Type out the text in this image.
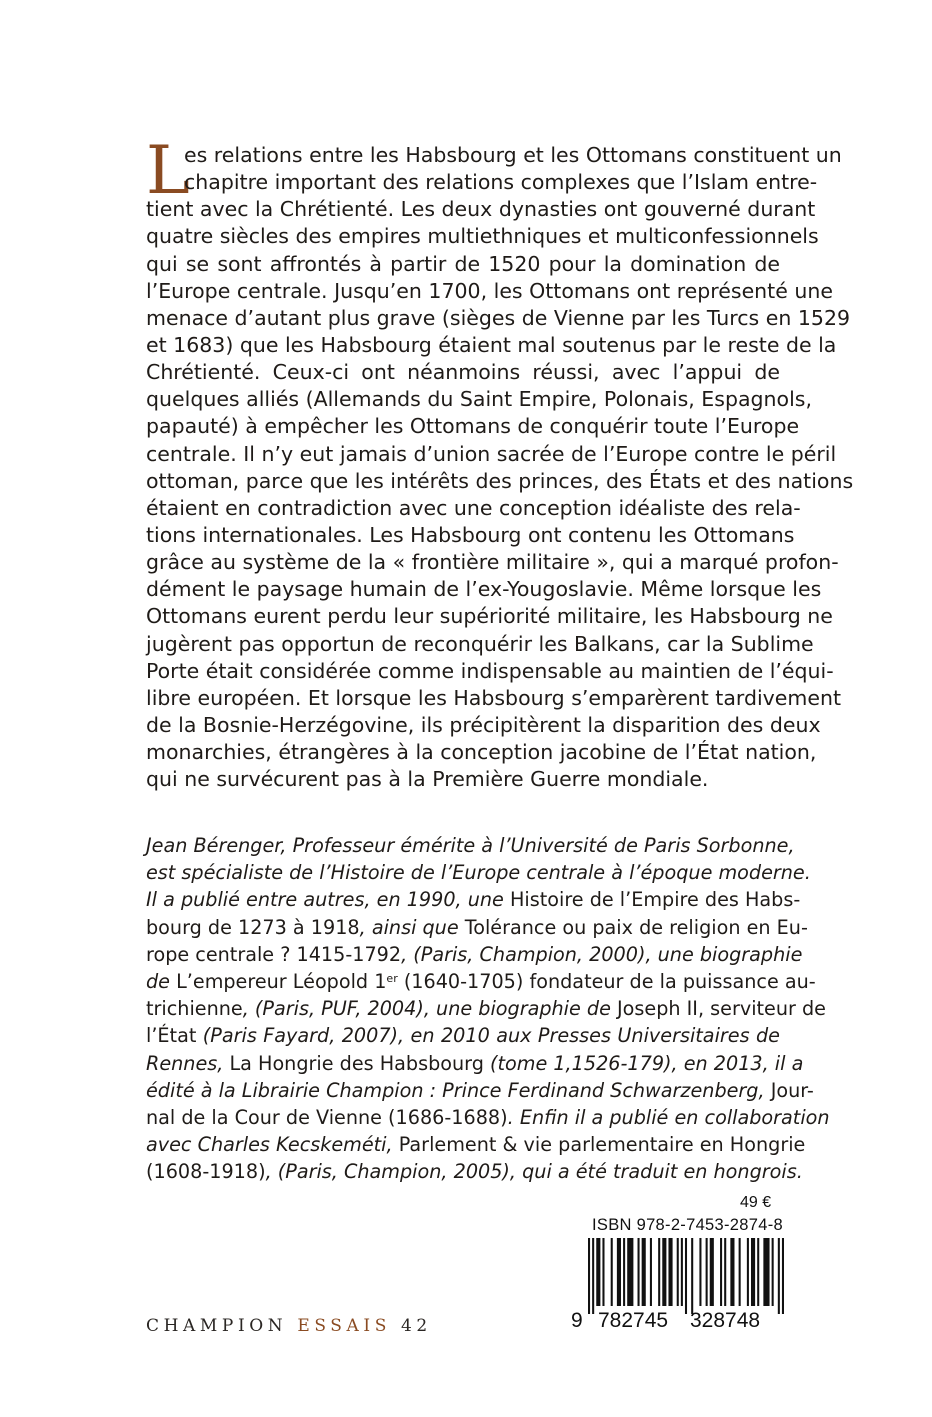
L
es relations entre les Habsbourg et les Ottomans constituent un
chapitre important des relations complexes que l’Islam entre-
tient avec la Chrétienté. Les deux dynasties ont gouverné durant
quatre siècles des empires multiethniques et multiconfessionnels
qui se sont affrontés à partir de 1520 pour la domination de
l’Europe centrale. Jusqu’en 1700, les Ottomans ont représenté une
menace d’autant plus grave (sièges de Vienne par les Turcs en 1529
et 1683) que les Habsbourg étaient mal soutenus par le reste de la
Chrétienté. Ceux-ci ont néanmoins réussi, avec l’appui de
quelques alliés (Allemands du Saint Empire, Polonais, Espagnols,
papauté) à empêcher les Ottomans de conquérir toute l’Europe
centrale. Il n’y eut jamais d’union sacrée de l’Europe contre le péril
ottoman, parce que les intérêts des princes, des États et des nations
étaient en contradiction avec une conception idéaliste des rela-
tions internationales. Les Habsbourg ont contenu les Ottomans
grâce au système de la « frontière militaire », qui a marqué profon-
dément le paysage humain de l’ex-Yougoslavie. Même lorsque les
Ottomans eurent perdu leur supériorité militaire, les Habsbourg ne
jugèrent pas opportun de reconquérir les Balkans, car la Sublime
Porte était considérée comme indispensable au maintien de l’équi-
libre européen. Et lorsque les Habsbourg s’emparèrent tardivement
de la Bosnie-Herzégovine, ils précipitèrent la disparition des deux
monarchies, étrangères à la conception jacobine de l’État nation,
qui ne survécurent pas à la Première Guerre mondiale.
Jean Bérenger, Professeur émérite à l’Université de Paris Sorbonne,
est spécialiste de l’Histoire de l’Europe centrale à l’époque moderne.
Il a publié entre autres, en 1990, une Histoire de l’Empire des Habs-
bourg de 1273 à 1918, ainsi que Tolérance ou paix de religion en Eu-
rope centrale ? 1415-1792, (Paris, Champion, 2000), une biographie
de L’empereur Léopold 1er (1640-1705) fondateur de la puissance au-
trichienne, (Paris, PUF, 2004), une biographie de Joseph II, serviteur de
l’État (Paris Fayard, 2007), en 2010 aux Presses Universitaires de
Rennes, La Hongrie des Habsbourg (tome 1,1526-179), en 2013, il a
édité à la Librairie Champion : Prince Ferdinand Schwarzenberg, Jour-
nal de la Cour de Vienne (1686-1688). Enfin il a publié en collaboration
avec Charles Kecskeméti, Parlement & vie parlementaire en Hongrie
(1608-1918), (Paris, Champion, 2005), qui a été traduit en hongrois.
49 €
ISBN 978-2-7453-2874-8
9 782745 328748
CHAMPION ESSAIS 42
